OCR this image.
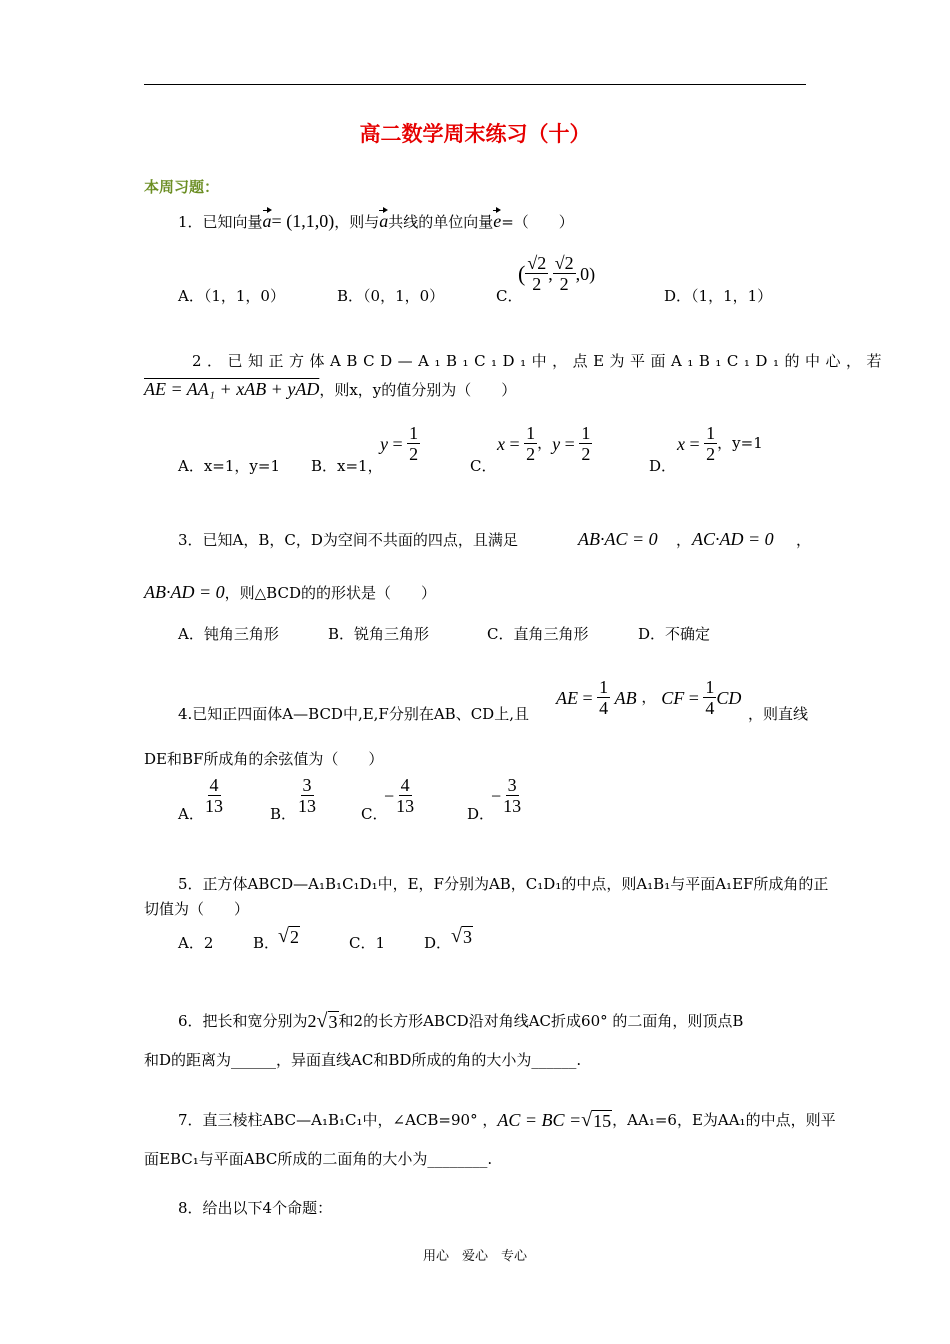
高二数学周末练习（十）
本周习题：
1．已知向量a= (1,1,0)，则与a共线的单位向量e=（　　）
A．（1，1，0）	B．（0，1，0）	C．
( $\frac{√2}{2}$ , $\frac{√2}{2} ,0$)
D．（1，1，1）
2．已知正方体ABCD—A₁B₁C₁D₁中，点E为平面A₁B₁C₁D₁的中心，若
AE = AA₁ + xAB + yAD，则x，y的值分别为（　　）
A．x=1，y=1 B．x=1，
$y = \frac{1}{2}$
C．
$x = \frac{1}{2}$ ， $y = \frac{1}{2}$
D．
$x = \frac{1}{2}$ ，y=1
3．已知A，B，C，D为空间不共面的四点，且满足	AB·AC = 0 ， AC·AD = 0 ，
AB·AD = 0，则△BCD的的形状是（　　）
A．钝角三角形	B．锐角三角形	C．直角三角形	D．不确定
4.已知正四面体A—BCD中,E,F分别在AB、CD上,且
AE = $\frac{1}{4}$ AB ， CF = $\frac{1}{4}$ CD
，则直线
DE和BF所成角的余弦值为（　　）
A． $\frac{4}{13}$	B． $\frac{3}{13}$	C．
− $\frac{4}{13}$	D．
− $\frac{3}{13}$
5．正方体ABCD—A₁B₁C₁D₁中，E，F分别为AB，C₁D₁的中点，则A₁B₁与平面A₁EF所成角的正
切值为（　　）
A．2	B．
√ 2	C．1	D． √ 3
6．把长和宽分别为 2 √ 3 和2的长方形ABCD沿对角线AC折成60° 的二面角，则顶点B
和D的距离为______，异面直线AC和BD所成的角的大小为______.
7．直三棱柱ABC—A₁B₁C₁中，∠ACB=90° ， AC = BC = √ 15 ，AA₁=6，E为AA₁的中点，则平
面EBC₁与平面ABC所成的二面角的大小为________.
8．给出以下4个命题：
用心　爱心　专心
